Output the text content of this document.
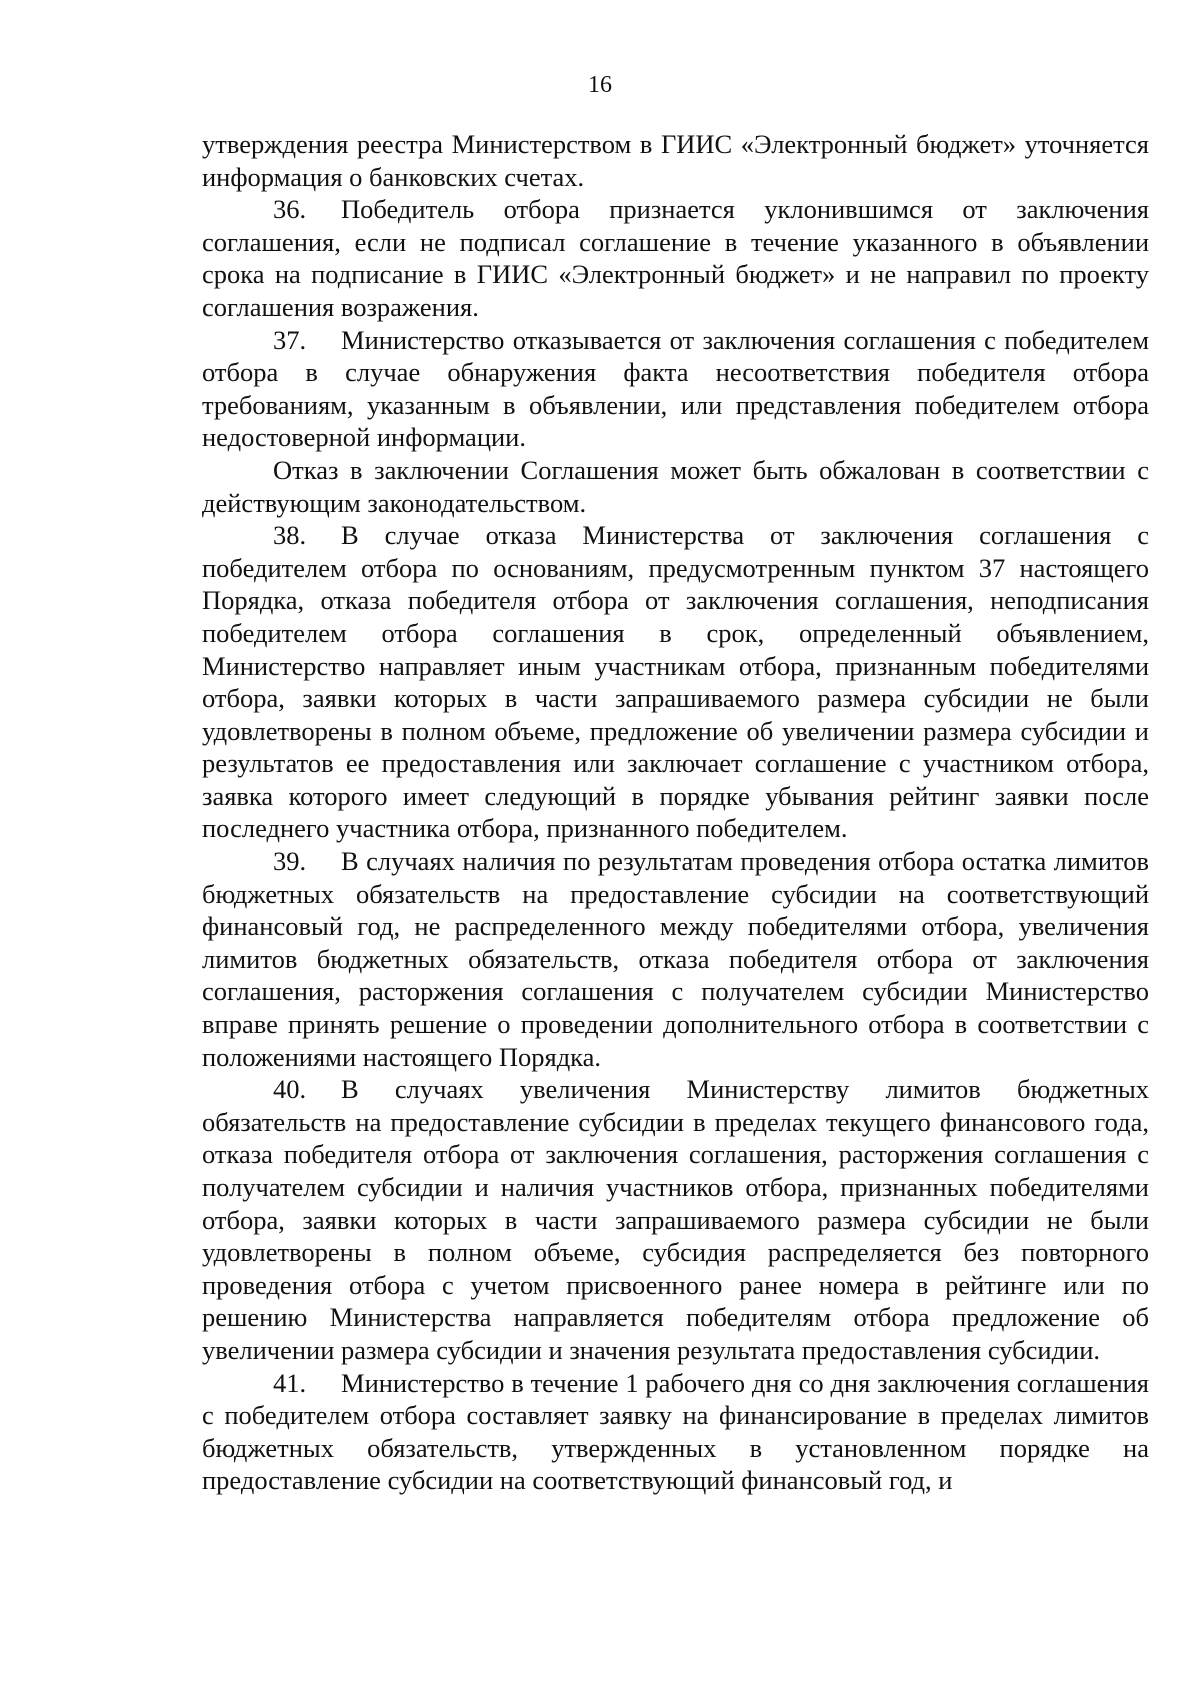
16

утверждения реестра Министерством в ГИИС «Электронный бюджет» уточняется информация о банковских счетах.

36. Победитель отбора признается уклонившимся от заключения соглашения, если не подписал соглашение в течение указанного в объявлении срока на подписание в ГИИС «Электронный бюджет» и не направил по проекту соглашения возражения.

37. Министерство отказывается от заключения соглашения с победителем отбора в случае обнаружения факта несоответствия победителя отбора требованиям, указанным в объявлении, или представления победителем отбора недостоверной информации.

Отказ в заключении Соглашения может быть обжалован в соответствии с действующим законодательством.

38. В случае отказа Министерства от заключения соглашения с победителем отбора по основаниям, предусмотренным пунктом 37 настоящего Порядка, отказа победителя отбора от заключения соглашения, неподписания победителем отбора соглашения в срок, определенный объявлением, Министерство направляет иным участникам отбора, признанным победителями отбора, заявки которых в части запрашиваемого размера субсидии не были удовлетворены в полном объеме, предложение об увеличении размера субсидии и результатов ее предоставления или заключает соглашение с участником отбора, заявка которого имеет следующий в порядке убывания рейтинг заявки после последнего участника отбора, признанного победителем.

39. В случаях наличия по результатам проведения отбора остатка лимитов бюджетных обязательств на предоставление субсидии на соответствующий финансовый год, не распределенного между победителями отбора, увеличения лимитов бюджетных обязательств, отказа победителя отбора от заключения соглашения, расторжения соглашения с получателем субсидии Министерство вправе принять решение о проведении дополнительного отбора в соответствии с положениями настоящего Порядка.

40. В случаях увеличения Министерству лимитов бюджетных обязательств на предоставление субсидии в пределах текущего финансового года, отказа победителя отбора от заключения соглашения, расторжения соглашения с получателем субсидии и наличия участников отбора, признанных победителями отбора, заявки которых в части запрашиваемого размера субсидии не были удовлетворены в полном объеме, субсидия распределяется без повторного проведения отбора с учетом присвоенного ранее номера в рейтинге или по решению Министерства направляется победителям отбора предложение об увеличении размера субсидии и значения результата предоставления субсидии.

41. Министерство в течение 1 рабочего дня со дня заключения соглашения с победителем отбора составляет заявку на финансирование в пределах лимитов бюджетных обязательств, утвержденных в установленном порядке на предоставление субсидии на соответствующий финансовый год, и
